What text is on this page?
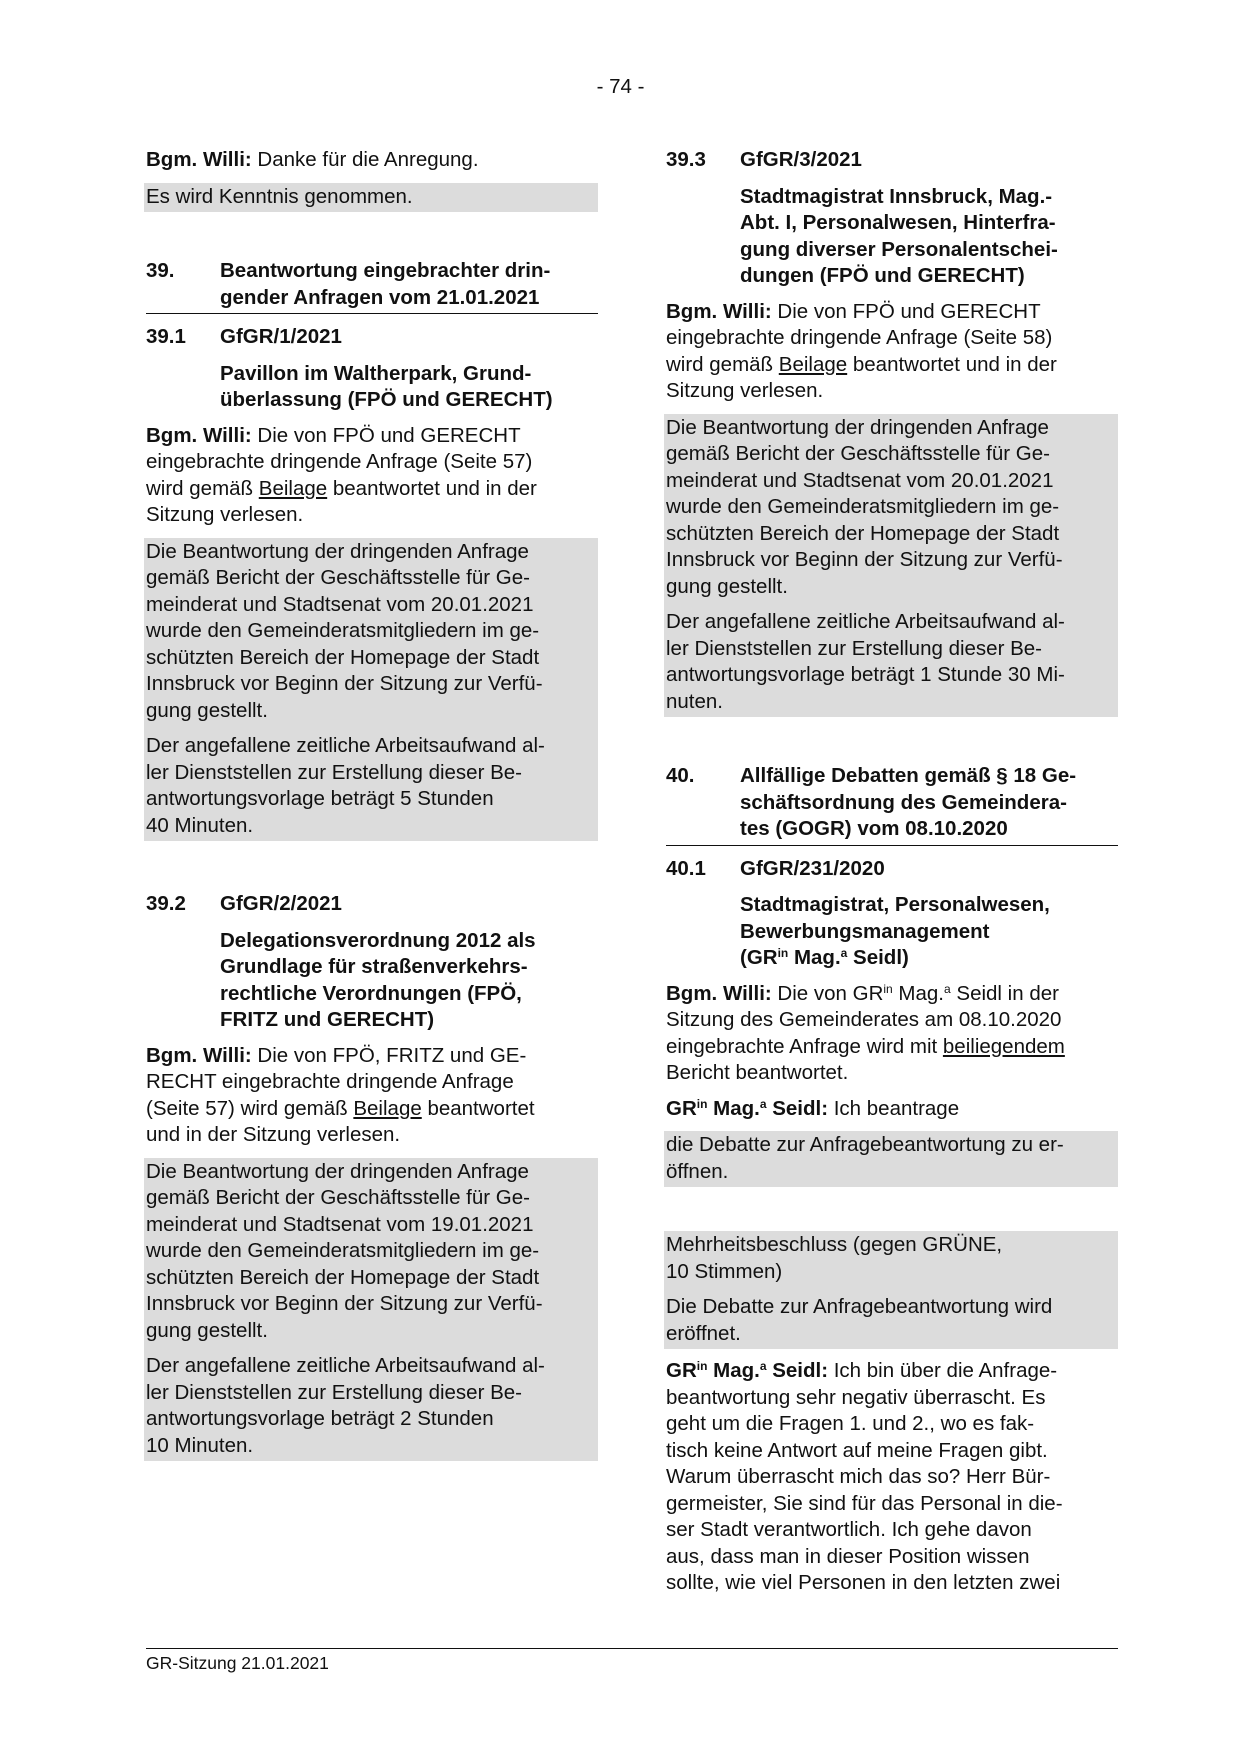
- 74 -

Bgm. Willi: Danke für die Anregung.

Es wird Kenntnis genommen.
39.	Beantwortung eingebrachter drin-
gender Anfragen vom 21.01.2021
39.1	GfGR/1/2021
Pavillon im Waltherpark, Grund-
überlassung (FPÖ und GERECHT)
Bgm. Willi: Die von FPÖ und GERECHT
eingebrachte dringende Anfrage (Seite 57)
wird gemäß Beilage beantwortet und in der
Sitzung verlesen.
Die Beantwortung der dringenden Anfrage
gemäß Bericht der Geschäftsstelle für Ge-
meinderat und Stadtsenat vom 20.01.2021
wurde den Gemeinderatsmitgliedern im ge-
schützten Bereich der Homepage der Stadt
Innsbruck vor Beginn der Sitzung zur Verfü-
gung gestellt.
Der angefallene zeitliche Arbeitsaufwand al-
ler Dienststellen zur Erstellung dieser Be-
antwortungsvorlage beträgt 5 Stunden
40 Minuten.
39.2	GfGR/2/2021
Delegationsverordnung 2012 als
Grundlage für straßenverkehrs-
rechtliche Verordnungen (FPÖ,
FRITZ und GERECHT)
Bgm. Willi: Die von FPÖ, FRITZ und GE-
RECHT eingebrachte dringende Anfrage
(Seite 57) wird gemäß Beilage beantwortet
und in der Sitzung verlesen.
Die Beantwortung der dringenden Anfrage
gemäß Bericht der Geschäftsstelle für Ge-
meinderat und Stadtsenat vom 19.01.2021
wurde den Gemeinderatsmitgliedern im ge-
schützten Bereich der Homepage der Stadt
Innsbruck vor Beginn der Sitzung zur Verfü-
gung gestellt.
Der angefallene zeitliche Arbeitsaufwand al-
ler Dienststellen zur Erstellung dieser Be-
antwortungsvorlage beträgt 2 Stunden
10 Minuten.
39.3	GfGR/3/2021
Stadtmagistrat Innsbruck, Mag.-
Abt. I, Personalwesen, Hinterfra-
gung diverser Personalentschei-
dungen (FPÖ und GERECHT)
Bgm. Willi: Die von FPÖ und GERECHT
eingebrachte dringende Anfrage (Seite 58)
wird gemäß Beilage beantwortet und in der
Sitzung verlesen.
Die Beantwortung der dringenden Anfrage
gemäß Bericht der Geschäftsstelle für Ge-
meinderat und Stadtsenat vom 20.01.2021
wurde den Gemeinderatsmitgliedern im ge-
schützten Bereich der Homepage der Stadt
Innsbruck vor Beginn der Sitzung zur Verfü-
gung gestellt.
Der angefallene zeitliche Arbeitsaufwand al-
ler Dienststellen zur Erstellung dieser Be-
antwortungsvorlage beträgt 1 Stunde 30 Mi-
nuten.
40.	Allfällige Debatten gemäß § 18 Ge-
schäftsordnung des Gemeindera-
tes (GOGR) vom 08.10.2020
40.1	GfGR/231/2020
Stadtmagistrat, Personalwesen,
Bewerbungsmanagement
($GR^{in}$ Mag.$^a$ Seidl)
Bgm. Willi: Die von $GR^{in}$ Mag.$^a$ Seidl in der
Sitzung des Gemeinderates am 08.10.2020
eingebrachte Anfrage wird mit beiliegendem
Bericht beantwortet.
$GR^{in}$ Mag.$^a$ Seidl: Ich beantrage
die Debatte zur Anfragebeantwortung zu er-
öffnen.
Mehrheitsbeschluss (gegen GRÜNE,
10 Stimmen)
Die Debatte zur Anfragebeantwortung wird
eröffnet.
$GR^{in}$ Mag.$^a$ Seidl: Ich bin über die Anfrage-
beantwortung sehr negativ überrascht. Es
geht um die Fragen 1. und 2., wo es fak-
tisch keine Antwort auf meine Fragen gibt.
Warum überrascht mich das so? Herr Bür-
germeister, Sie sind für das Personal in die-
ser Stadt verantwortlich. Ich gehe davon
aus, dass man in dieser Position wissen
sollte, wie viel Personen in den letzten zwei
GR-Sitzung 21.01.2021
